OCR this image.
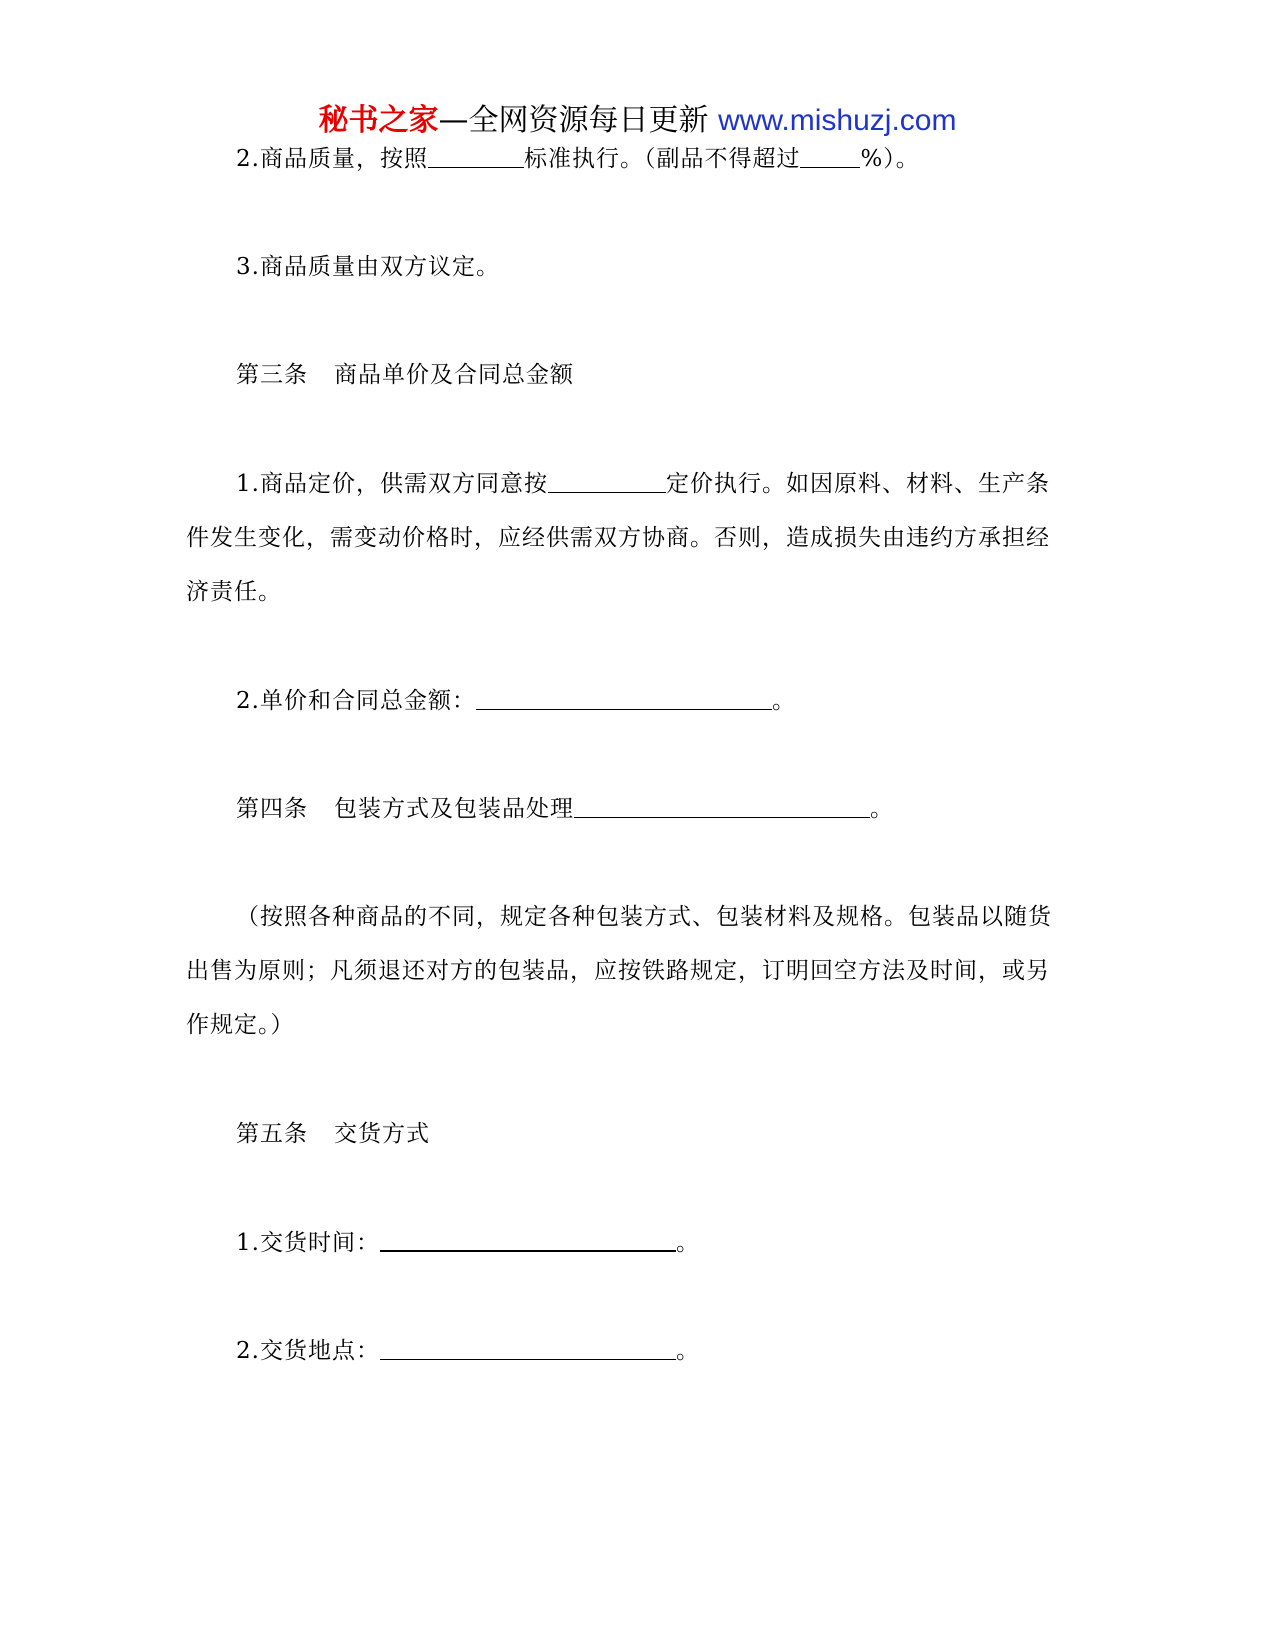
秘书之家—全网资源每日更新 www.mishuzj.com
2.商品质量，按照	标准执行。（副品不得超过	%）。
3.商品质量由双方议定。
第三条 商品单价及合同总金额
1.商品定价，供需双方同意按	定价执行。如因原料、材料、生产条
件发生变化，需变动价格时，应经供需双方协商。否则，造成损失由违约方承担经
济责任。
2.单价和合同总金额：	。
第四条 包装方式及包装品处理	。
（按照各种商品的不同，规定各种包装方式、包装材料及规格。包装品以随货
出售为原则；凡须退还对方的包装品，应按铁路规定，订明回空方法及时间，或另
作规定。）
第五条 交货方式
1.交货时间：	。
2.交货地点：	。
